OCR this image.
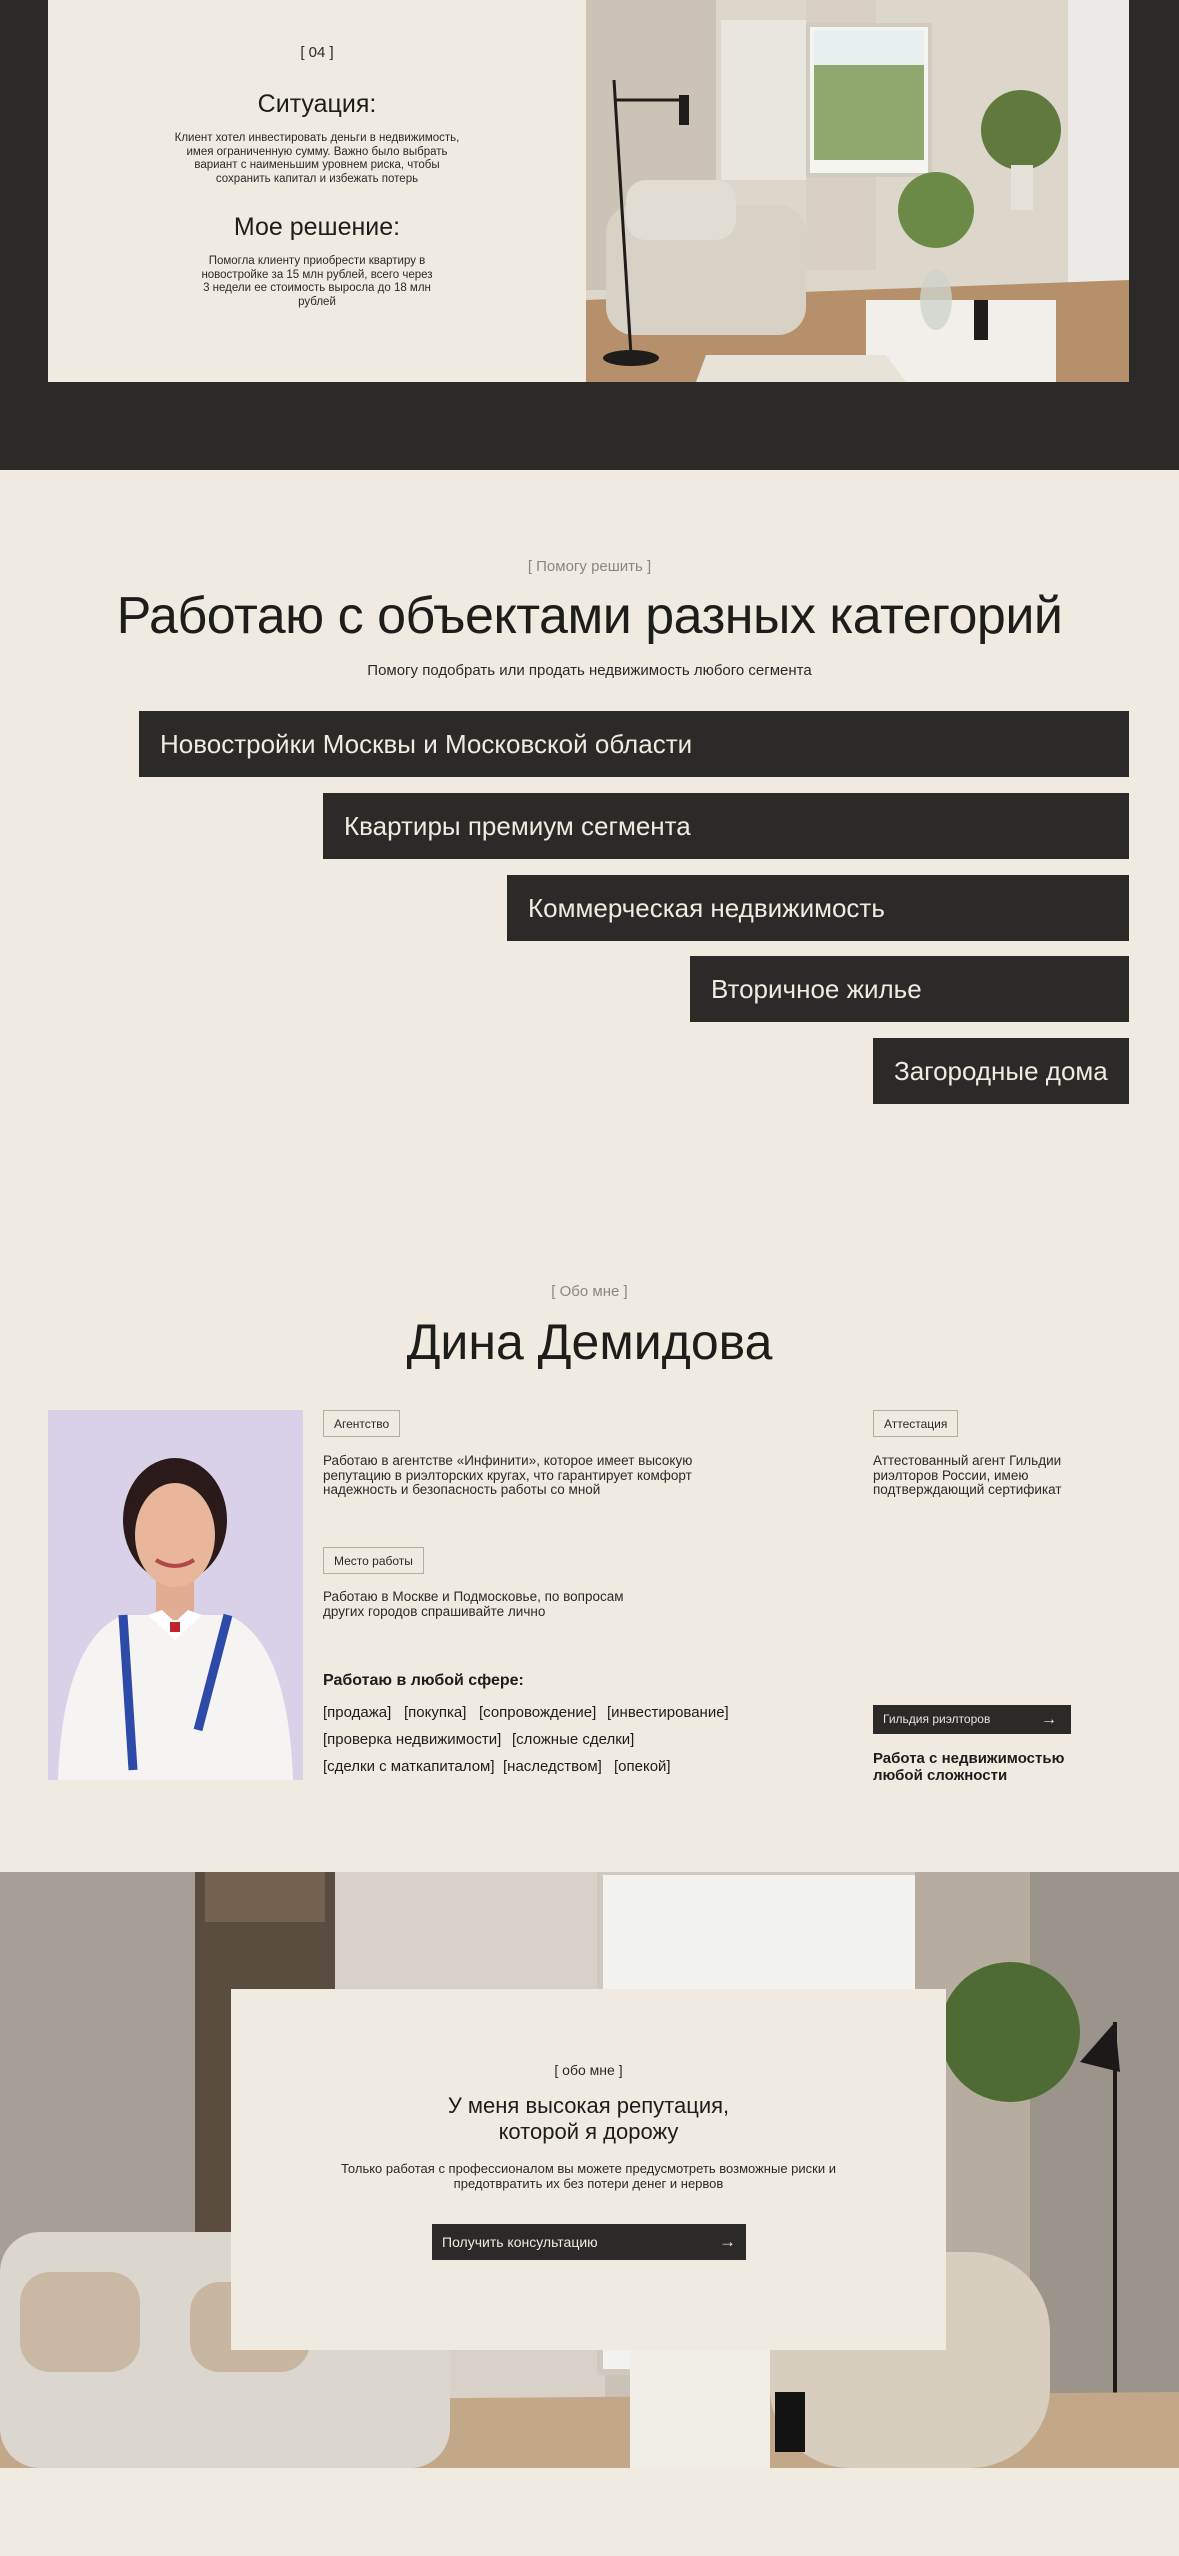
[ 04 ]
Ситуация:
Клиент хотел инвестировать деньги в недвижимость, имея ограниченную сумму. Важно было выбрать вариант с наименьшим уровнем риска, чтобы сохранить капитал и избежать потерь
Мое решение:
Помогла клиенту приобрести квартиру в новостройке за 15 млн рублей, всего через 3 недели ее стоимость выросла до 18 млн рублей
[ Помогу решить ]
Работаю с объектами разных категорий
Помогу подобрать или продать недвижимость любого сегмента
Новостройки Москвы и Московской области
Квартиры премиум сегмента
Коммерческая недвижимость
Вторичное жилье
Загородные дома
[ Обо мне ]
Дина Демидова
Агентство
Работаю в агентстве «Инфинити», которое имеет высокую репутацию в риэлторских кругах, что гарантирует комфорт надежность и безопасность работы со мной
Место работы
Работаю в Москве и Подмосковье, по вопросам других городов спрашивайте лично
Аттестация
Аттестованный агент Гильдии риэлторов России, имею подтверждающий сертификат
Работаю в любой сфере:
[продажа] [покупка] [сопровождение] [инвестирование]
[проверка недвижимости] [сложные сделки]
[сделки с маткапиталом] [наследством] [опекой]
Гильдия риэлторов	→
Работа с недвижимостью любой сложности
[ обо мне ]
У меня высокая репутация,
которой я дорожу
Только работая с профессионалом вы можете предусмотреть возможные риски и предотвратить их без потери денег и нервов
Получить консультацию	→
